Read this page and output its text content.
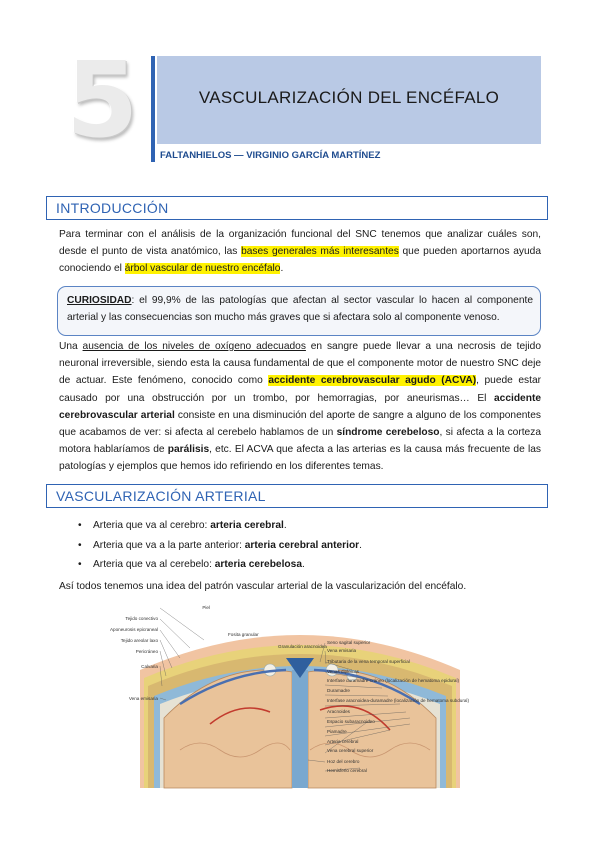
5	VASCULARIZACIÓN DEL ENCÉFALO
FALTANHIELOS — VIRGINIO GARCÍA MARTÍNEZ
INTRODUCCIÓN
Para terminar con el análisis de la organización funcional del SNC tenemos que analizar cuáles son, desde el punto de vista anatómico, las bases generales más interesantes que pueden aportarnos ayuda conociendo el árbol vascular de nuestro encéfalo.
CURIOSIDAD: el 99,9% de las patologías que afectan al sector vascular lo hacen al componente arterial y las consecuencias son mucho más graves que si afectara solo al componente venoso.
Una ausencia de los niveles de oxígeno adecuados en sangre puede llevar a una necrosis de tejido neuronal irreversible, siendo esta la causa fundamental de que el componente motor de nuestro SNC deje de actuar. Este fenómeno, conocido como accidente cerebrovascular agudo (ACVA), puede estar causado por una obstrucción por un trombo, por hemorragias, por aneurismas… El accidente cerebrovascular arterial consiste en una disminución del aporte de sangre a alguno de los componentes que acabamos de ver: si afecta al cerebelo hablamos de un síndrome cerebeloso, si afecta a la corteza motora hablaríamos de parálisis, etc. El ACVA que afecta a las arterias es la causa más frecuente de las patologías y ejemplos que hemos ido refiriendo en los diferentes temas.
VASCULARIZACIÓN ARTERIAL
• Arteria que va al cerebro: arteria cerebral.
• Arteria que va a la parte anterior: arteria cerebral anterior.
• Arteria que va al cerebelo: arteria cerebelosa.
Así todos tenemos una idea del patrón vascular arterial de la vascularización del encéfalo.
Piel
Tejido conectivo
Aponeurosis epicraneal
Tejido areolar laxo
Pericráneo
Calvaria
Vena emisaria
Fosita granular
Granulación aracnoidea
Seno sagital superior
Vena emisaria
Tributaria de la vena temporal superficial
Venas diploicas
Interfase duramadre-cráneo (localización de hematoma epidural)
Duramadre
Interfase aracnoidea-duramadre (localización de hematoma subdural)
Aracnoides
Espacio subaracnoideo
Piamadre
Arteria cerebral
Vena cerebral superior
Hoz del cerebro
Hemisferio cerebral
